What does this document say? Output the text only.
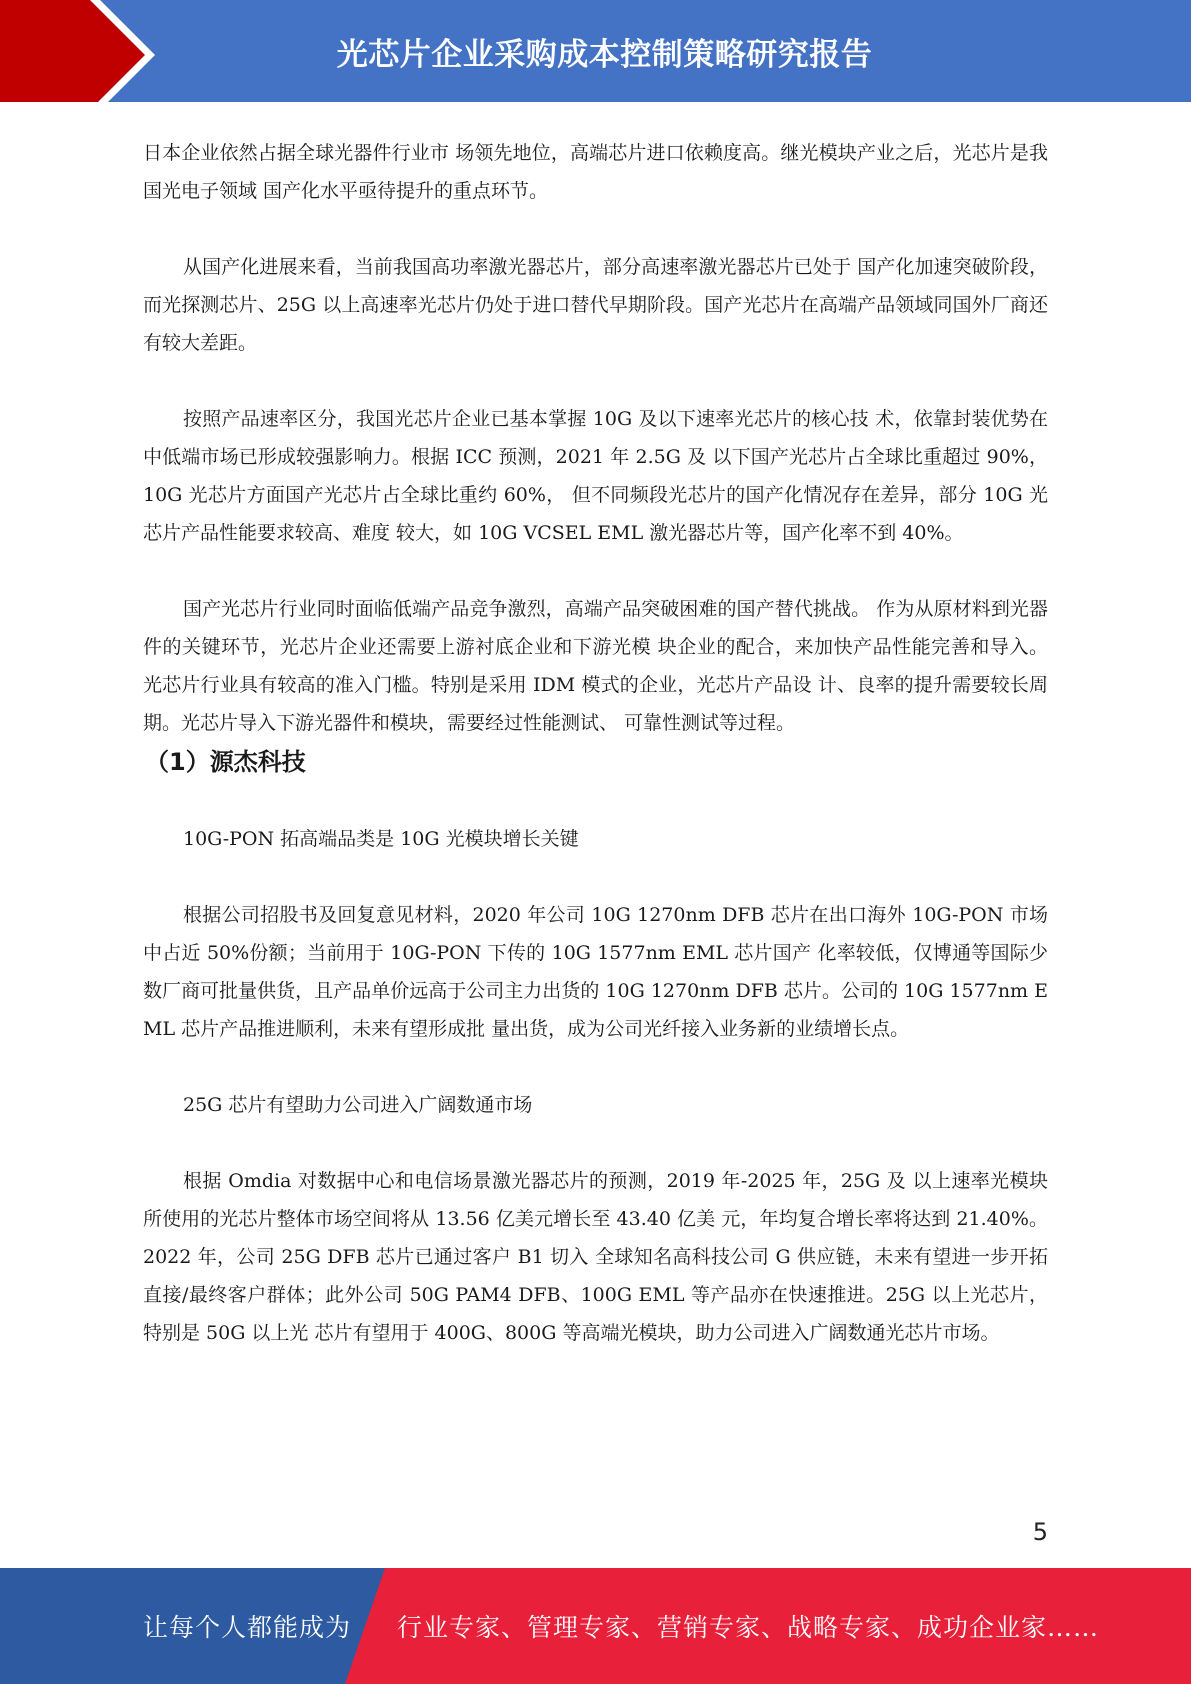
光芯片企业采购成本控制策略研究报告

日本企业依然占据全球光器件行业市 场领先地位，高端芯片进口依赖度高。继光模块产业之后，光芯片是我国光电子领域 国产化水平亟待提升的重点环节。

从国产化进展来看，当前我国高功率激光器芯片，部分高速率激光器芯片已处于 国产化加速突破阶段，而光探测芯片、25G 以上高速率光芯片仍处于进口替代早期阶段。国产光芯片在高端产品领域同国外厂商还有较大差距。

按照产品速率区分，我国光芯片企业已基本掌握 10G 及以下速率光芯片的核心技 术，依靠封装优势在中低端市场已形成较强影响力。根据 ICC 预测，2021 年 2.5G 及 以下国产光芯片占全球比重超过 90%，10G 光芯片方面国产光芯片占全球比重约 60%， 但不同频段光芯片的国产化情况存在差异，部分 10G 光芯片产品性能要求较高、难度 较大，如 10G VCSEL EML 激光器芯片等，国产化率不到 40%。

国产光芯片行业同时面临低端产品竞争激烈，高端产品突破困难的国产替代挑战。 作为从原材料到光器件的关键环节，光芯片企业还需要上游衬底企业和下游光模 块企业的配合，来加快产品性能完善和导入。 光芯片行业具有较高的准入门槛。特别是采用 IDM 模式的企业，光芯片产品设 计、良率的提升需要较长周期。光芯片导入下游光器件和模块，需要经过性能测试、 可靠性测试等过程。

（1）源杰科技

10G-PON 拓高端品类是 10G 光模块增长关键

根据公司招股书及回复意见材料，2020 年公司 10G 1270nm DFB 芯片在出口海外 10G-PON 市场中占近 50%份额；当前用于 10G-PON 下传的 10G 1577nm EML 芯片国产 化率较低，仅博通等国际少数厂商可批量供货，且产品单价远高于公司主力出货的 10G 1270nm DFB 芯片。公司的 10G 1577nm EML 芯片产品推进顺利，未来有望形成批 量出货，成为公司光纤接入业务新的业绩增长点。

25G 芯片有望助力公司进入广阔数通市场

根据 Omdia 对数据中心和电信场景激光器芯片的预测，2019 年-2025 年，25G 及 以上速率光模块所使用的光芯片整体市场空间将从 13.56 亿美元增长至 43.40 亿美 元，年均复合增长率将达到 21.40%。2022 年，公司 25G DFB 芯片已通过客户 B1 切入 全球知名高科技公司 G 供应链，未来有望进一步开拓直接/最终客户群体；此外公司 50G PAM4 DFB、100G EML 等产品亦在快速推进。25G 以上光芯片，特别是 50G 以上光 芯片有望用于 400G、800G 等高端光模块，助力公司进入广阔数通光芯片市场。

5
让每个人都能成为 行业专家、管理专家、营销专家、战略专家、成功企业家……
